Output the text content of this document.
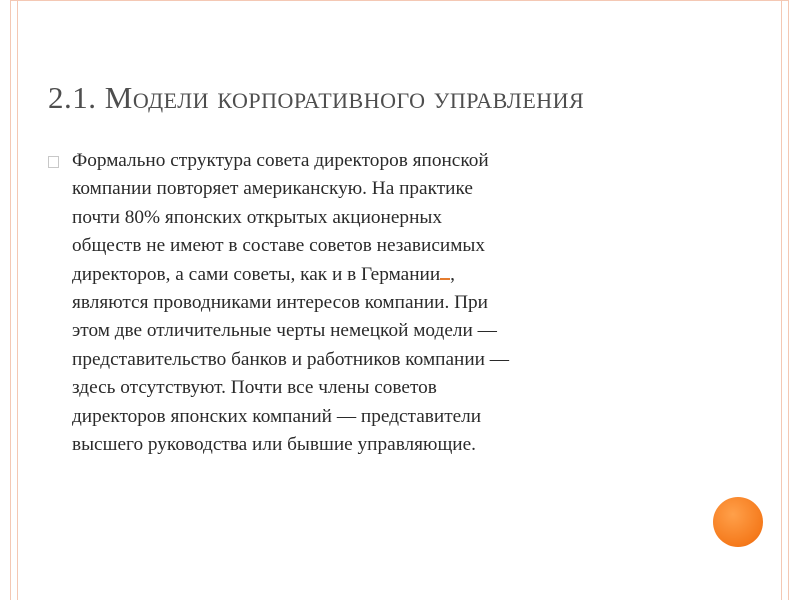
2.1. Модели корпоративного управления
Формально структура совета директоров японской
компании повторяет американскую. На практике
почти 80% японских открытых акционерных
обществ не имеют в составе советов независимых
директоров, а сами советы, как и в Германии ,
являются проводниками интересов компании. При
этом две отличительные черты немецкой модели —
представительство банков и работников компании —
здесь отсутствуют. Почти все члены советов
директоров японских компаний — представители
высшего руководства или бывшие управляющие.
